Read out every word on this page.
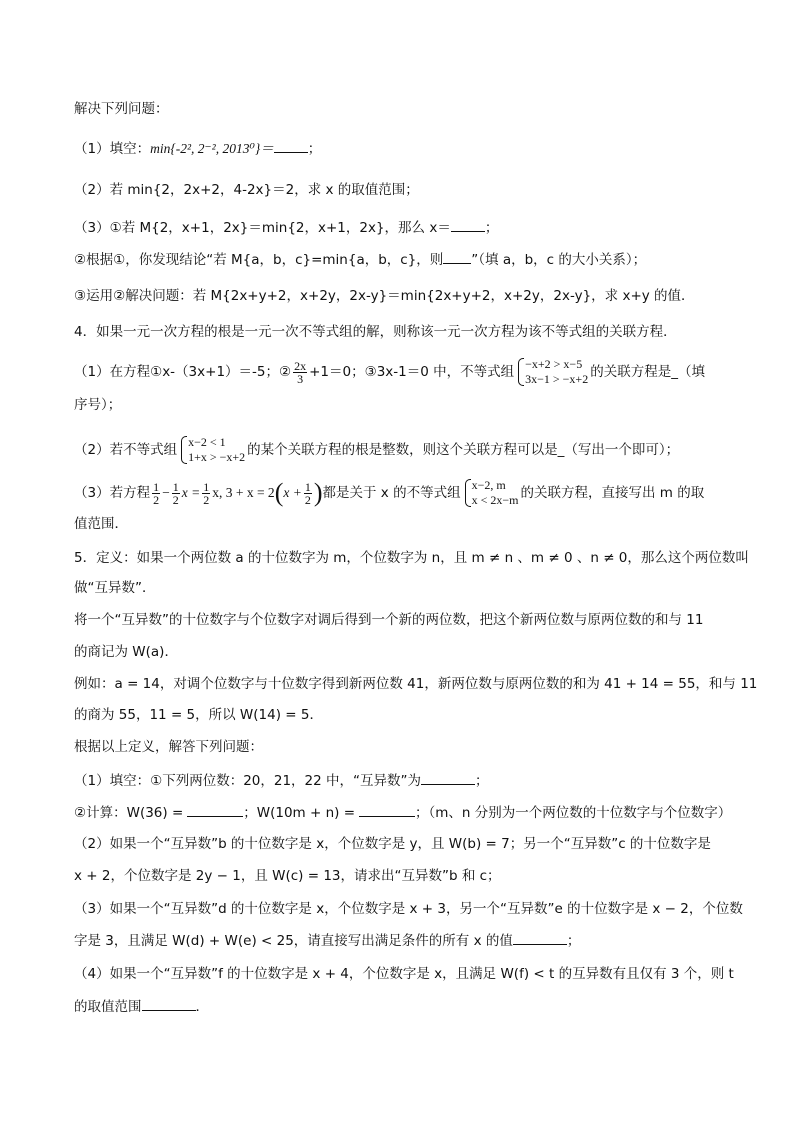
解决下列问题：
（1）填空：min{-2², 2⁻², 2013⁰}＝	；
（2）若 min{2，2x+2，4-2x}＝2，求 x 的取值范围；
（3）①若 M{2，x+1，2x}＝min{2，x+1，2x}，那么 x＝	；
②根据①，你发现结论“若 M{a，b，c}=min{a，b，c}，则 ”（填 a，b，c 的大小关系）；
③运用②解决问题：若 M{2x+y+2，x+2y，2x-y}＝min{2x+y+2，x+2y，2x-y}，求 x+y 的值．
4．如果一元一次方程的根是一元一次不等式组的解，则称该一元一次方程为该不等式组的关联方程．
（1）在方程①x-（3x+1）＝-5；② $\frac{2x}{3} +1=0$；③3x-1＝0 中，不等式组 −x+2 > x−5
3x−1 > −x+2 的关联方程是_（填
序号）；
（2）若不等式组 x−2 < 1
1+x > −x+2 的某个关联方程的根是整数，则这个关联方程可以是_（写出一个即可）；
（3）若方程 $\frac{1}{2} - \frac{1}{2}$ $x = \frac{1}{2} x$, $3 + x = 2(x + \frac{1}{2}$ )都是关于 x 的不等式组 x−2, m
x < 2x−m 的关联方程，直接写出 m 的取
值范围．
5．定义：如果一个两位数 a 的十位数字为 m，个位数字为 n，且 m ≠ n 、m ≠ 0 、n ≠ 0，那么这个两位数叫
做“互异数”．
将一个“互异数”的十位数字与个位数字对调后得到一个新的两位数，把这个新两位数与原两位数的和与 11
的商记为 W(a)．
例如：a = 14，对调个位数字与十位数字得到新两位数 41，新两位数与原两位数的和为 41 + 14 = 55，和与 11
的商为 55，11 = 5，所以 W(14) = 5．
根据以上定义，解答下列问题：
（1）填空：①下列两位数：20，21，22 中，“互异数”为	；
②计算：W(36) =	；W(10m + n) =	；（m、n 分别为一个两位数的十位数字与个位数字）
（2）如果一个“互异数”b 的十位数字是 x，个位数字是 y，且 W(b) = 7；另一个“互异数”c 的十位数字是
x + 2，个位数字是 2y − 1，且 W(c) = 13，请求出“互异数”b 和 c；
（3）如果一个“互异数”d 的十位数字是 x，个位数字是 x + 3，另一个“互异数”e 的十位数字是 x − 2，个位数
字是 3，且满足 W(d) + W(e) < 25，请直接写出满足条件的所有 x 的值	；
（4）如果一个“互异数”f 的十位数字是 x + 4，个位数字是 x，且满足 W(f) < t 的互异数有且仅有 3 个，则 t
的取值范围	．
